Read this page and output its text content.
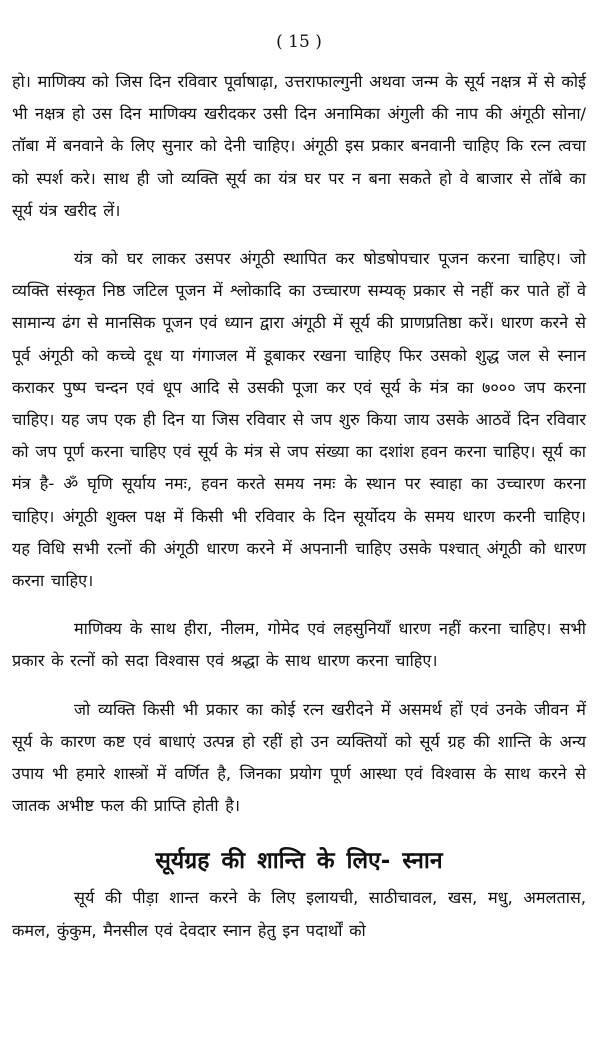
( 15 )

हो। माणिक्य को जिस दिन रविवार पूर्वाषाढ़ा, उत्तराफाल्गुनी अथवा जन्म के सूर्य नक्षत्र में से कोई भी नक्षत्र हो उस दिन माणिक्य खरीदकर उसी दिन अनामिका अंगुली की नाप की अंगूठी सोना/तॉबा में बनवाने के लिए सुनार को देनी चाहिए। अंगूठी इस प्रकार बनवानी चाहिए कि रत्न त्वचा को स्पर्श करे। साथ ही जो व्यक्ति सूर्य का यंत्र घर पर न बना सकते हो वे बाजार से तॉबे का सूर्य यंत्र खरीद लें।

यंत्र को घर लाकर उसपर अंगूठी स्थापित कर षोडषोपचार पूजन करना चाहिए। जो व्यक्ति संस्कृत निष्ठ जटिल पूजन में श्लोकादि का उच्चारण सम्यक् प्रकार से नहीं कर पाते हों वे सामान्य ढंग से मानसिक पूजन एवं ध्यान द्वारा अंगूठी में सूर्य की प्राणप्रतिष्ठा करें। धारण करने से पूर्व अंगूठी को कच्चे दूध या गंगाजल में डूबाकर रखना चाहिए फिर उसको शुद्ध जल से स्नान कराकर पुष्प चन्दन एवं धूप आदि से उसकी पूजा कर एवं सूर्य के मंत्र का ७००० जप करना चाहिए। यह जप एक ही दिन या जिस रविवार से जप शुरु किया जाय उसके आठवें दिन रविवार को जप पूर्ण करना चाहिए एवं सूर्य के मंत्र से जप संख्या का दशांश हवन करना चाहिए। सूर्य का मंत्र है- ॐ घृणि सूर्याय नमः, हवन करते समय नमः के स्थान पर स्वाहा का उच्चारण करना चाहिए। अंगूठी शुक्ल पक्ष में किसी भी रविवार के दिन सूर्योदय के समय धारण करनी चाहिए। यह विधि सभी रत्नों की अंगूठी धारण करने में अपनानी चाहिए उसके पश्चात् अंगूठी को धारण करना चाहिए।

माणिक्य के साथ हीरा, नीलम, गोमेद एवं लहसुनियॉं धारण नहीं करना चाहिए। सभी प्रकार के रत्नों को सदा विश्वास एवं श्रद्धा के साथ धारण करना चाहिए।

जो व्यक्ति किसी भी प्रकार का कोई रत्न खरीदने में असमर्थ हों एवं उनके जीवन में सूर्य के कारण कष्ट एवं बाधाएं उत्पन्न हो रहीं हो उन व्यक्तियों को सूर्य ग्रह की शान्ति के अन्य उपाय भी हमारे शास्त्रों में वर्णित है, जिनका प्रयोग पूर्ण आस्था एवं विश्वास के साथ करने से जातक अभीष्ट फल की प्राप्ति होती है।

सूर्यग्रह की शान्ति के लिए- स्नान

सूर्य की पीड़ा शान्त करने के लिए इलायची, साठीचावल, खस, मधु, अमलतास, कमल, कुंकुम, मैनसील एवं देवदार स्नान हेतु इन पदार्थों को
